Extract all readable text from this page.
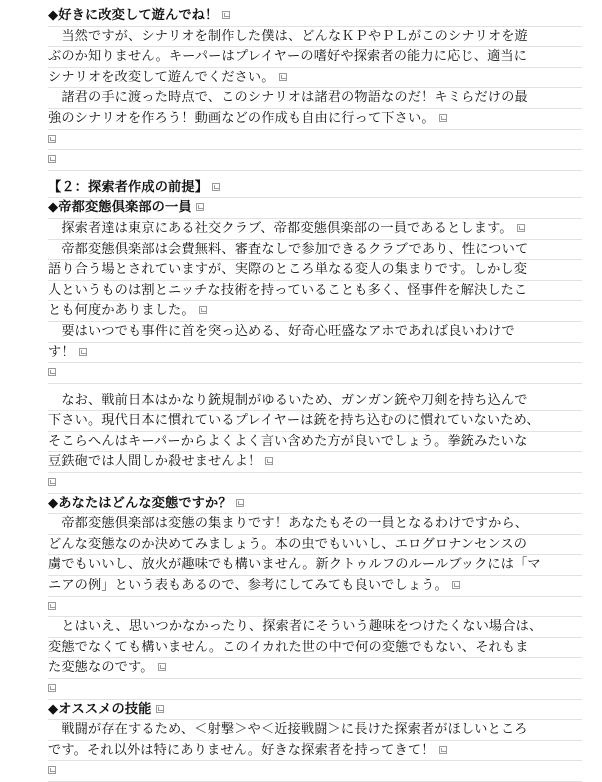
◆好きに改変して遊んでね！
　当然ですが、シナリオを制作した僕は、どんなＫＰやＰＬがこのシナリオを遊
ぶのか知りません。キーパーはプレイヤーの嗜好や探索者の能力に応じ、適当に
シナリオを改変して遊んでください。
　諸君の手に渡った時点で、このシナリオは諸君の物語なのだ！キミらだけの最
強のシナリオを作ろう！動画などの作成も自由に行って下さい。
【２：探索者作成の前提】
◆帝都変態倶楽部の一員
　探索者達は東京にある社交クラブ、帝都変態倶楽部の一員であるとします。
　帝都変態倶楽部は会費無料、審査なしで参加できるクラブであり、性について
語り合う場とされていますが、実際のところ単なる変人の集まりです。しかし変
人というものは割とニッチな技術を持っていることも多く、怪事件を解決したこ
とも何度かありました。
　要はいつでも事件に首を突っ込める、好奇心旺盛なアホであれば良いわけで
す！
　なお、戦前日本はかなり銃規制がゆるいため、ガンガン銃や刀剣を持ち込んで
下さい。現代日本に慣れているプレイヤーは銃を持ち込むのに慣れていないため、
そこらへんはキーパーからよくよく言い含めた方が良いでしょう。拳銃みたいな
豆鉄砲では人間しか殺せませんよ！
◆あなたはどんな変態ですか？
　帝都変態倶楽部は変態の集まりです！あなたもその一員となるわけですから、
どんな変態なのか決めてみましょう。本の虫でもいいし、エログロナンセンスの
虜でもいいし、放火が趣味でも構いません。新クトゥルフのルールブックには「マ
ニアの例」という表もあるので、参考にしてみても良いでしょう。
　とはいえ、思いつかなかったり、探索者にそういう趣味をつけたくない場合は、
変態でなくても構いません。このイカれた世の中で何の変態でもない、それもま
た変態なのです。
◆オススメの技能
　戦闘が存在するため、＜射撃＞や＜近接戦闘＞に長けた探索者がほしいところ
です。それ以外は特にありません。好きな探索者を持ってきて！
